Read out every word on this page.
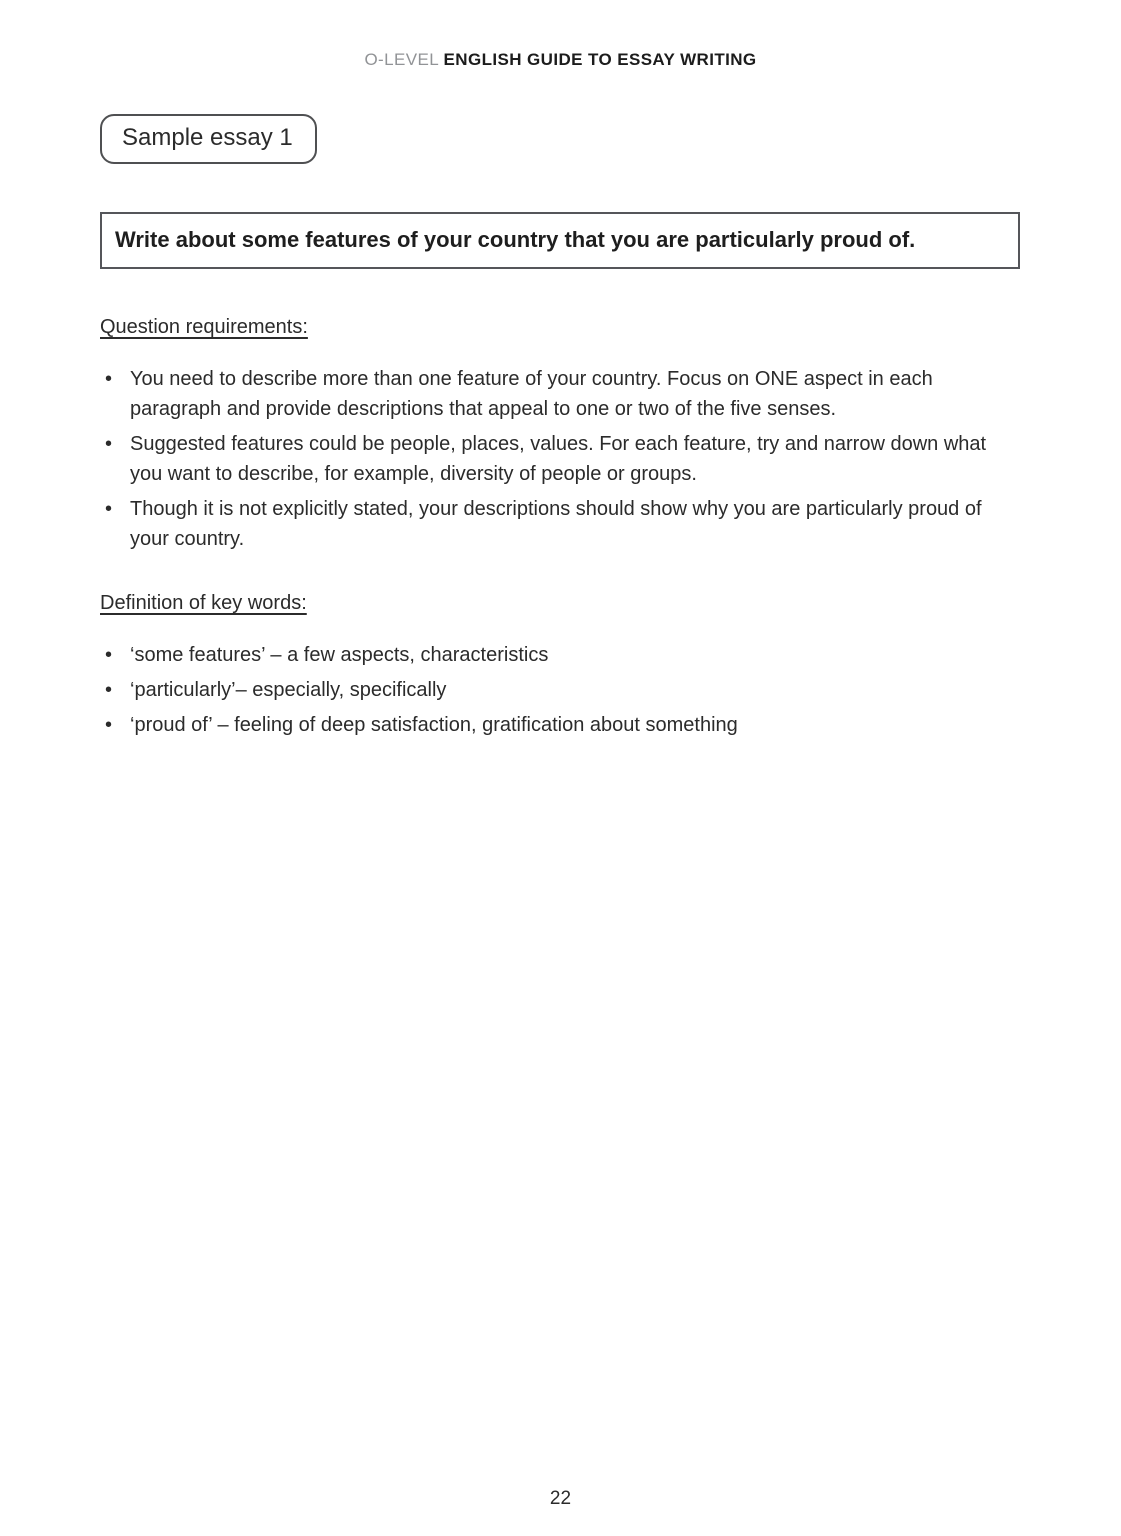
O-LEVEL ENGLISH GUIDE TO ESSAY WRITING
Sample essay 1
Write about some features of your country that you are particularly proud of.
Question requirements:
• You need to describe more than one feature of your country. Focus on ONE aspect in each paragraph and provide descriptions that appeal to one or two of the five senses.
• Suggested features could be people, places, values. For each feature, try and narrow down what you want to describe, for example, diversity of people or groups.
• Though it is not explicitly stated, your descriptions should show why you are particularly proud of your country.
Definition of key words:
• ‘some features’ – a few aspects, characteristics
• ‘particularly’– especially, specifically
• ‘proud of’ – feeling of deep satisfaction, gratification about something
22
